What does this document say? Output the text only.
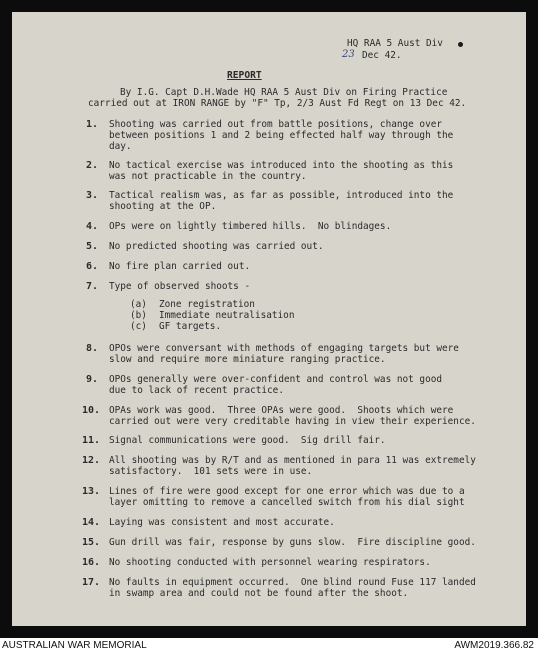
HQ RAA 5 Aust Div
23 Dec 42.
REPORT
By I.G. Capt D.H.Wade HQ RAA 5 Aust Div on Firing Practice
carried out at IRON RANGE by "F" Tp, 2/3 Aust Fd Regt on 13 Dec 42.
1. Shooting was carried out from battle positions, change over
between positions 1 and 2 being effected half way through the
day.
2. No tactical exercise was introduced into the shooting as this
was not practicable in the country.
3. Tactical realism was, as far as possible, introduced into the
shooting at the OP.
4. OPs were on lightly timbered hills.  No blindages.
5. No predicted shooting was carried out.
6. No fire plan carried out.
7. Type of observed shoots -
(a) Zone registration
(b) Immediate neutralisation
(c) GF targets.
8. OPOs were conversant with methods of engaging targets but were
slow and require more miniature ranging practice.
9. OPOs generally were over-confident and control was not good
due to lack of recent practice.
10. OPAs work was good.  Three OPAs were good.  Shoots which were
carried out were very creditable having in view their experience.
11. Signal communications were good.  Sig drill fair.
12. All shooting was by R/T and as mentioned in para 11 was extremely
satisfactory.  101 sets were in use.
13. Lines of fire were good except for one error which was due to a
layer omitting to remove a cancelled switch from his dial sight
14. Laying was consistent and most accurate.
15. Gun drill was fair, response by guns slow.  Fire discipline good.
16. No shooting conducted with personnel wearing respirators.
17. No faults in equipment occurred.  One blind round Fuse 117 landed
in swamp area and could not be found after the shoot.
AUSTRALIAN WAR MEMORIAL	AWM2019.366.82
